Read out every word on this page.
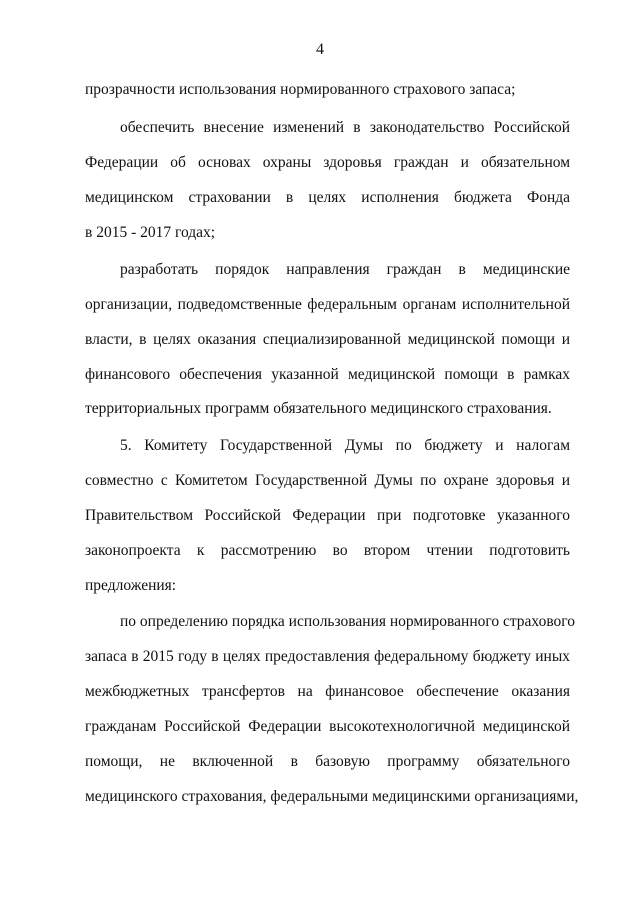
4
прозрачности использования нормированного страхового запаса;
обеспечить внесение изменений в законодательство Российской
Федерации об основах охраны здоровья граждан и обязательном
медицинском страховании в целях исполнения бюджета Фонда
в 2015 - 2017 годах;
разработать порядок направления граждан в медицинские
организации, подведомственные федеральным органам исполнительной
власти, в целях оказания специализированной медицинской помощи и
финансового обеспечения указанной медицинской помощи в рамках
территориальных программ обязательного медицинского страхования.
5. Комитету Государственной Думы по бюджету и налогам
совместно с Комитетом Государственной Думы по охране здоровья и
Правительством Российской Федерации при подготовке указанного
законопроекта к рассмотрению во втором чтении подготовить
предложения:
по определению порядка использования нормированного страхового
запаса в 2015 году в целях предоставления федеральному бюджету иных
межбюджетных трансфертов на финансовое обеспечение оказания
гражданам Российской Федерации высокотехнологичной медицинской
помощи, не включенной в базовую программу обязательного
медицинского страхования, федеральными медицинскими организациями,
